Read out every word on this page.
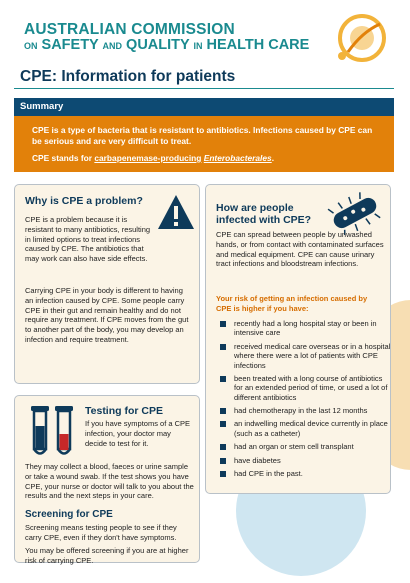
AUSTRALIAN COMMISSION
ON SAFETY AND QUALITY IN HEALTH CARE
CPE: Information for patients
Summary

CPE is a type of bacteria that is resistant to antibiotics. Infections caused by CPE can be serious and are very difficult to treat.

CPE stands for carbapenemase-producing Enterobacterales.

Why is CPE a problem?

CPE is a problem because it is resistant to many antibiotics, resulting in limited options to treat infections caused by CPE. The antibiotics that may work can also have side effects.

Carrying CPE in your body is different to having an infection caused by CPE. Some people carry CPE in their gut and remain healthy and do not require any treatment. If CPE moves from the gut to another part of the body, you may develop an infection and require treatment.

How are people
infected with CPE?

CPE can spread between people by unwashed hands, or from contact with contaminated surfaces and medical equipment. CPE can cause urinary tract infections and bloodstream infections.

Your risk of getting an infection caused by CPE is higher if you have:

recently had a long hospital stay or been in intensive care
received medical care overseas or in a hospital where there were a lot of patients with CPE infections
been treated with a long course of antibiotics for an extended period of time, or used a lot of different antibiotics
had chemotherapy in the last 12 months
an indwelling medical device currently in place (such as a catheter)
had an organ or stem cell transplant
have diabetes
had CPE in the past.
Testing for CPE

If you have symptoms of a CPE infection, your doctor may decide to test for it.

They may collect a blood, faeces or urine sample or take a wound swab. If the test shows you have CPE, your nurse or doctor will talk to you about the results and the next steps in your care.

Screening for CPE

Screening means testing people to see if they carry CPE, even if they don't have symptoms.

You may be offered screening if you are at higher risk of carrying CPE.
